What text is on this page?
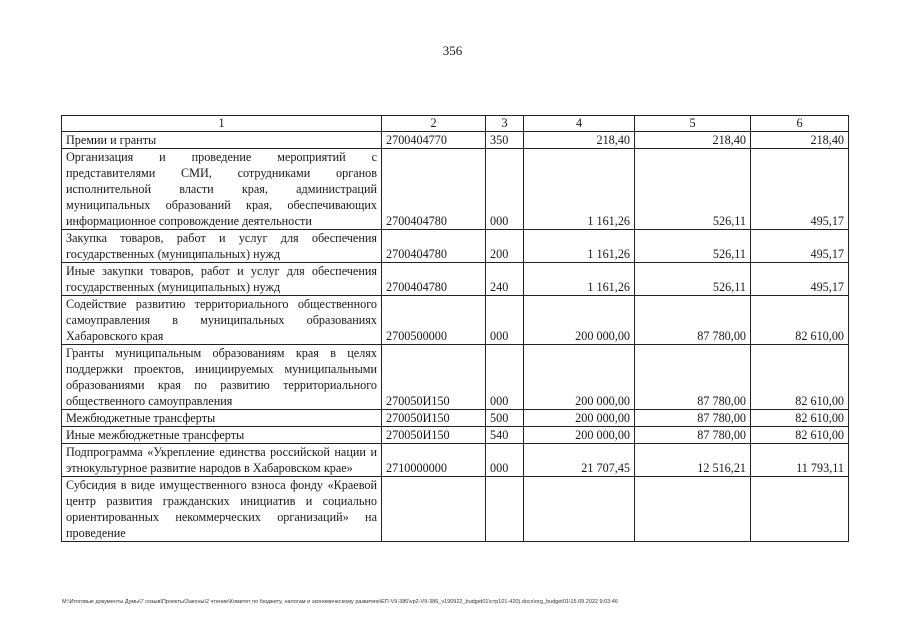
356
1	2	3	4	5	6
Премии и гранты	2700404770	350	218,40	218,40	218,40
Организация и проведение мероприятий с представителями СМИ, сотрудниками органов исполнительной власти края, администраций муниципальных образований края, обеспечивающих информационное сопровождение деятельности	2700404780	000	1 161,26	526,11	495,17
Закупка товаров, работ и услуг для обеспечения государственных (муниципальных) нужд	2700404780	200	1 161,26	526,11	495,17
Иные закупки товаров, работ и услуг для обеспечения государственных (муниципальных) нужд	2700404780	240	1 161,26	526,11	495,17
Содействие развитию территориального общественного самоуправления в муниципальных образованиях Хабаровского края	2700500000	000	200 000,00	87 780,00	82 610,00
Гранты муниципальным образованиям края в целях поддержки проектов, инициируемых муниципальными образованиями края по развитию территориального общественного самоуправления	270050И150	000	200 000,00	87 780,00	82 610,00
Межбюджетные трансферты	270050И150	500	200 000,00	87 780,00	82 610,00
Иные межбюджетные трансферты	270050И150	540	200 000,00	87 780,00	82 610,00
Подпрограмма «Укрепление единства российской нации и этнокультурное развитие народов в Хабаровском крае»	2710000000	000	21 707,45	12 516,21	11 793,11
Субсидия в виде имущественного взноса фонду «Краевой центр развития гражданских инициатив и социально ориентированных некоммерческих организаций» на проведение					
M:\Итоговые документы Думы\7 созыв\Проекты\Законы\2 чтение\Комитет по бюджету, налогам и экономическому развитию\ЕП-VII-386\vp2-VII-386_v190922_budget01\стр101-420).docx\org_budget01\15.09.2022 9:03:46
